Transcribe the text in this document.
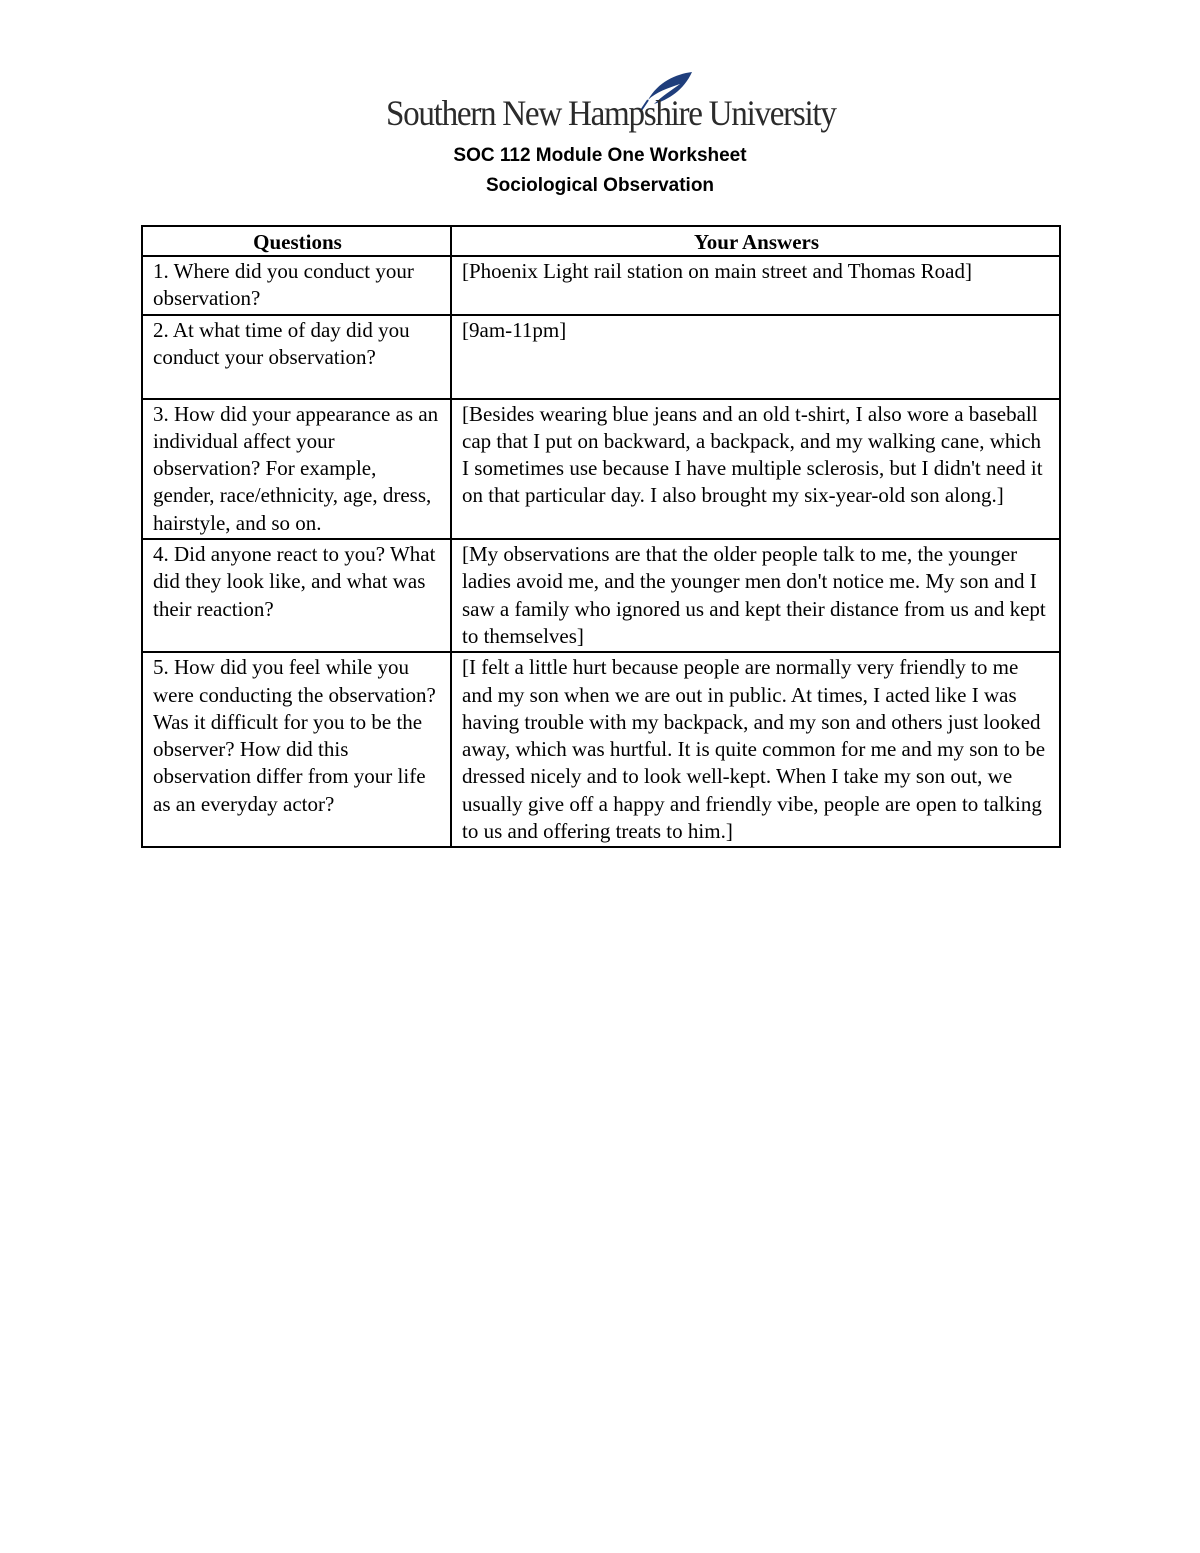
Southern New Hampshire University
SOC 112 Module One Worksheet
Sociological Observation
Questions	Your Answers
1. Where did you conduct your observation?	[Phoenix Light rail station on main street and Thomas Road]
2. At what time of day did you conduct your observation?	[9am-11pm]
3. How did your appearance as an individual affect your observation? For example, gender, race/ethnicity, age, dress, hairstyle, and so on.	[Besides wearing blue jeans and an old t-shirt, I also wore a baseball cap that I put on backward, a backpack, and my walking cane, which I sometimes use because I have multiple sclerosis, but I didn't need it on that particular day. I also brought my six-year-old son along.]
4. Did anyone react to you? What did they look like, and what was their reaction?	[My observations are that the older people talk to me, the younger ladies avoid me, and the younger men don't notice me. My son and I saw a family who ignored us and kept their distance from us and kept to themselves]
5. How did you feel while you were conducting the observation? Was it difficult for you to be the observer? How did this observation differ from your life as an everyday actor?	[I felt a little hurt because people are normally very friendly to me and my son when we are out in public. At times, I acted like I was having trouble with my backpack, and my son and others just looked away, which was hurtful. It is quite common for me and my son to be dressed nicely and to look well-kept. When I take my son out, we usually give off a happy and friendly vibe, people are open to talking to us and offering treats to him.]
